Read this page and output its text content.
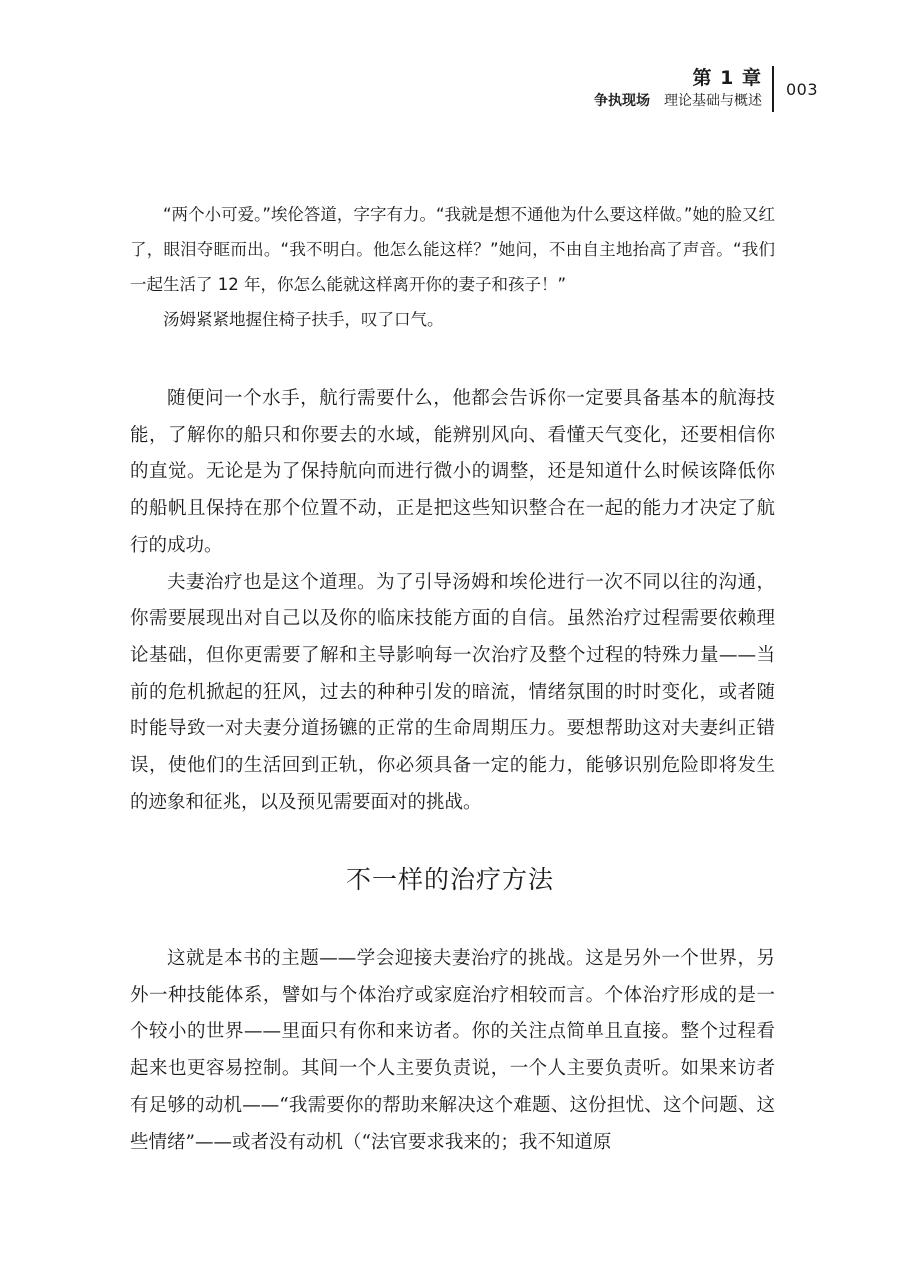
第 1 章
争执现场 理论基础与概述
003

“两个小可爱。”埃伦答道，字字有力。“我就是想不通他为什么要这样做。”她的脸又红了，眼泪夺眶而出。“我不明白。他怎么能这样？”她问，不由自主地抬高了声音。“我们一起生活了 12 年，你怎么能就这样离开你的妻子和孩子！”

汤姆紧紧地握住椅子扶手，叹了口气。

随便问一个水手，航行需要什么，他都会告诉你一定要具备基本的航海技能，了解你的船只和你要去的水域，能辨别风向、看懂天气变化，还要相信你的直觉。无论是为了保持航向而进行微小的调整，还是知道什么时候该降低你的船帆且保持在那个位置不动，正是把这些知识整合在一起的能力才决定了航行的成功。

夫妻治疗也是这个道理。为了引导汤姆和埃伦进行一次不同以往的沟通，你需要展现出对自己以及你的临床技能方面的自信。虽然治疗过程需要依赖理论基础，但你更需要了解和主导影响每一次治疗及整个过程的特殊力量——当前的危机掀起的狂风，过去的种种引发的暗流，情绪氛围的时时变化，或者随时能导致一对夫妻分道扬镳的正常的生命周期压力。要想帮助这对夫妻纠正错误，使他们的生活回到正轨，你必须具备一定的能力，能够识别危险即将发生的迹象和征兆，以及预见需要面对的挑战。

不一样的治疗方法

这就是本书的主题——学会迎接夫妻治疗的挑战。这是另外一个世界，另外一种技能体系，譬如与个体治疗或家庭治疗相较而言。个体治疗形成的是一个较小的世界——里面只有你和来访者。你的关注点简单且直接。整个过程看起来也更容易控制。其间一个人主要负责说，一个人主要负责听。如果来访者有足够的动机——“我需要你的帮助来解决这个难题、这份担忧、这个问题、这些情绪”——或者没有动机（“法官要求我来的；我不知道原
